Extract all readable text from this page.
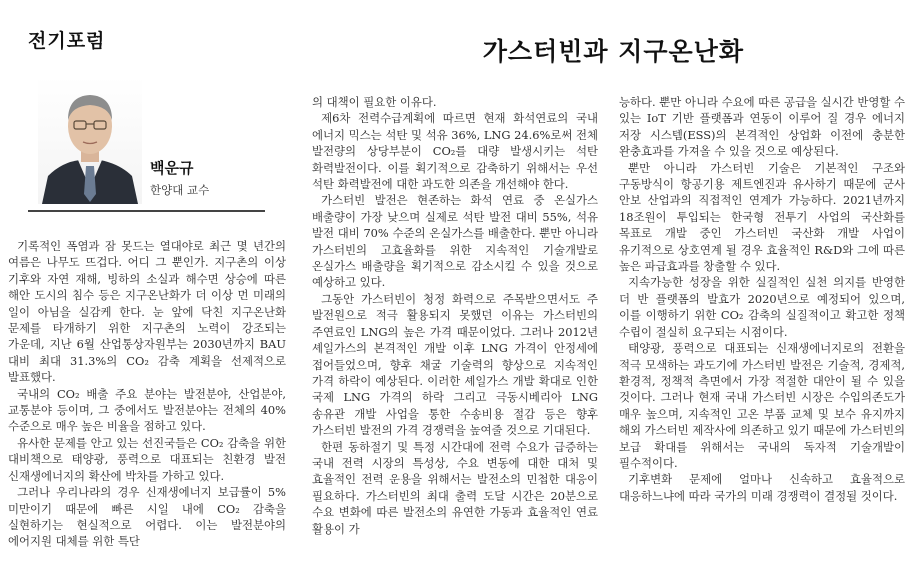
전기포럼	가스터빈과 지구온난화
백운규
한양대 교수

기록적인 폭염과 잠 못드는 열대야로 최근 몇 년간의 여름은 나무도 뜨겁다. 어디 그 뿐인가. 지구촌의 이상 기후와 자연 재해, 빙하의 소실과 해수면 상승에 따른 해안 도시의 침수 등은 지구온난화가 더 이상 먼 미래의 일이 아님을 실감케 한다. 눈 앞에 닥친 지구온난화 문제를 타개하기 위한 지구촌의 노력이 강조되는 가운데, 지난 6월 산업통상자원부는 2030년까지 BAU 대비 최대 31.3%의 CO₂ 감축 계획을 선제적으로 발표했다.

국내의 CO₂ 배출 주요 분야는 발전분야, 산업분야, 교통분야 등이며, 그 중에서도 발전분야는 전체의 40% 수준으로 매우 높은 비율을 점하고 있다.

유사한 문제를 안고 있는 선진국들은 CO₂ 감축을 위한 대비책으로 태양광, 풍력으로 대표되는 친환경 발전 신재생에너지의 확산에 박차를 가하고 있다.

그러나 우리나라의 경우 신재생에너지 보급률이 5% 미만이기 때문에 빠른 시일 내에 CO₂ 감축을 실현하기는 현실적으로 어렵다. 이는 발전분야의 에어지원 대체를 위한 특단

의 대책이 필요한 이유다.

제6차 전력수급계획에 따르면 현재 화석연료의 국내 에너지 믹스는 석탄 및 석유 36%, LNG 24.6%로써 전체 발전량의 상당부분이 CO₂를 대량 발생시키는 석탄 화력발전이다. 이를 획기적으로 감축하기 위해서는 우선 석탄 화력발전에 대한 과도한 의존을 개선해야 한다.

가스터빈 발전은 현존하는 화석 연료 중 온실가스 배출량이 가장 낮으며 실제로 석탄 발전 대비 55%, 석유 발전 대비 70% 수준의 온실가스를 배출한다. 뿐만 아니라 가스터빈의 고효율화를 위한 지속적인 기술개발로 온실가스 배출량을 획기적으로 감소시킬 수 있을 것으로 예상하고 있다.

그동안 가스터빈이 청정 화력으로 주목받으면서도 주 발전원으로 적극 활용되지 못했던 이유는 가스터빈의 주연료인 LNG의 높은 가격 때문이었다. 그러나 2012년 셰일가스의 본격적인 개발 이후 LNG 가격이 안정세에 접어들었으며, 향후 채굴 기술력의 향상으로 지속적인 가격 하락이 예상된다. 이러한 셰일가스 개발 확대로 인한 국제 LNG 가격의 하락 그리고 극동시베리아 LNG 송유관 개발 사업을 통한 수송비용 절감 등은 향후 가스터빈 발전의 가격 경쟁력을 높여줄 것으로 기대된다.

한편 동하절기 및 특정 시간대에 전력 수요가 급증하는 국내 전력 시장의 특성상, 수요 변동에 대한 대처 및 효율적인 전력 운용을 위해서는 발전소의 민첩한 대응이 필요하다. 가스터빈의 최대 출력 도달 시간은 20분으로 수요 변화에 따른 발전소의 유연한 가동과 효율적인 연료 활용이 가

능하다. 뿐만 아니라 수요에 따른 공급을 실시간 반영할 수 있는 IoT 기반 플랫폼과 연동이 이루어 질 경우 에너지 저장 시스템(ESS)의 본격적인 상업화 이전에 충분한 완충효과를 가져올 수 있을 것으로 예상된다.

뿐만 아니라 가스터빈 기술은 기본적인 구조와 구동방식이 항공기용 제트엔진과 유사하기 때문에 군사 안보 산업과의 직접적인 연계가 가능하다. 2021년까지 18조원이 투입되는 한국형 전투기 사업의 국산화를 목표로 개발 중인 가스터빈 국산화 개발 사업이 유기적으로 상호연계 될 경우 효율적인 R&D와 그에 따른 높은 파급효과를 창출할 수 있다.

지속가능한 성장을 위한 실질적인 실천 의지를 반영한 더 반 플랫폼의 발효가 2020년으로 예정되어 있으며, 이를 이행하기 위한 CO₂ 감축의 실질적이고 확고한 정책 수립이 절실히 요구되는 시점이다.

태양광, 풍력으로 대표되는 신재생에너지로의 전환을 적극 모색하는 과도기에 가스터빈 발전은 기술적, 경제적, 환경적, 정책적 측면에서 가장 적절한 대안이 될 수 있을 것이다. 그러나 현재 국내 가스터빈 시장은 수입의존도가 매우 높으며, 지속적인 고온 부품 교체 및 보수 유지까지 해외 가스터빈 제작사에 의존하고 있기 때문에 가스터빈의 보급 확대를 위해서는 국내의 독자적 기술개발이 필수적이다.

기후변화 문제에 얼마나 신속하고 효율적으로 대응하느냐에 따라 국가의 미래 경쟁력이 결정될 것이다.
